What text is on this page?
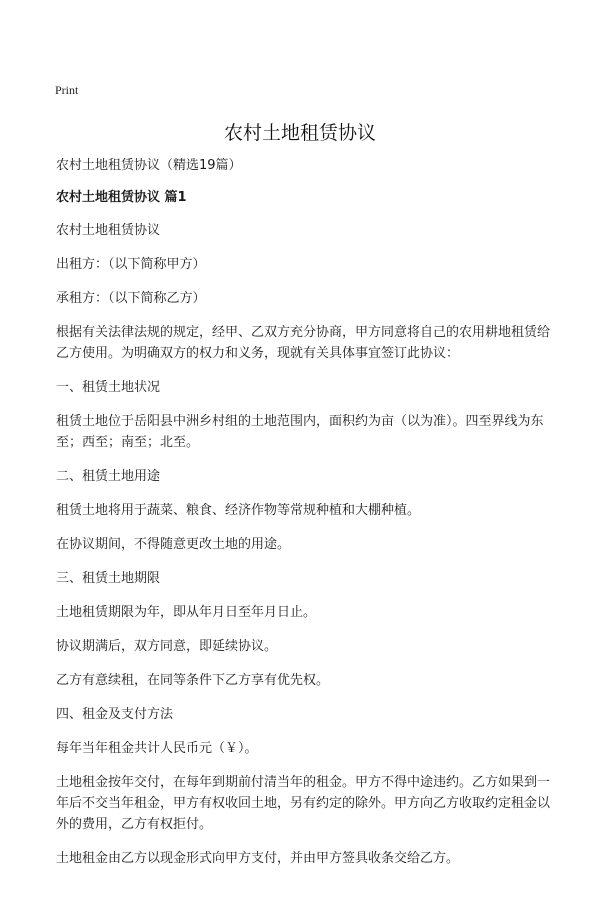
Print
农村土地租赁协议

农村土地租赁协议（精选19篇）

农村土地租赁协议 篇1

农村土地租赁协议

出租方：（以下简称甲方）

承租方：（以下简称乙方）

根据有关法律法规的规定，经甲、乙双方充分协商，甲方同意将自己的农用耕地租赁给乙方使用。为明确双方的权力和义务，现就有关具体事宜签订此协议：

一、租赁土地状况

租赁土地位于岳阳县中洲乡村组的土地范围内，面积约为亩（以为准）。四至界线为东至；西至；南至；北至。

二、租赁土地用途

租赁土地将用于蔬菜、粮食、经济作物等常规种植和大棚种植。

在协议期间，不得随意更改土地的用途。

三、租赁土地期限

土地租赁期限为年，即从年月日至年月日止。

协议期满后，双方同意，即延续协议。

乙方有意续租，在同等条件下乙方享有优先权。

四、租金及支付方法

每年当年租金共计人民币元（￥）。

土地租金按年交付，在每年到期前付清当年的租金。甲方不得中途违约。乙方如果到一年后不交当年租金，甲方有权收回土地，另有约定的除外。甲方向乙方收取约定租金以外的费用，乙方有权拒付。

土地租金由乙方以现金形式向甲方支付，并由甲方签具收条交给乙方。
